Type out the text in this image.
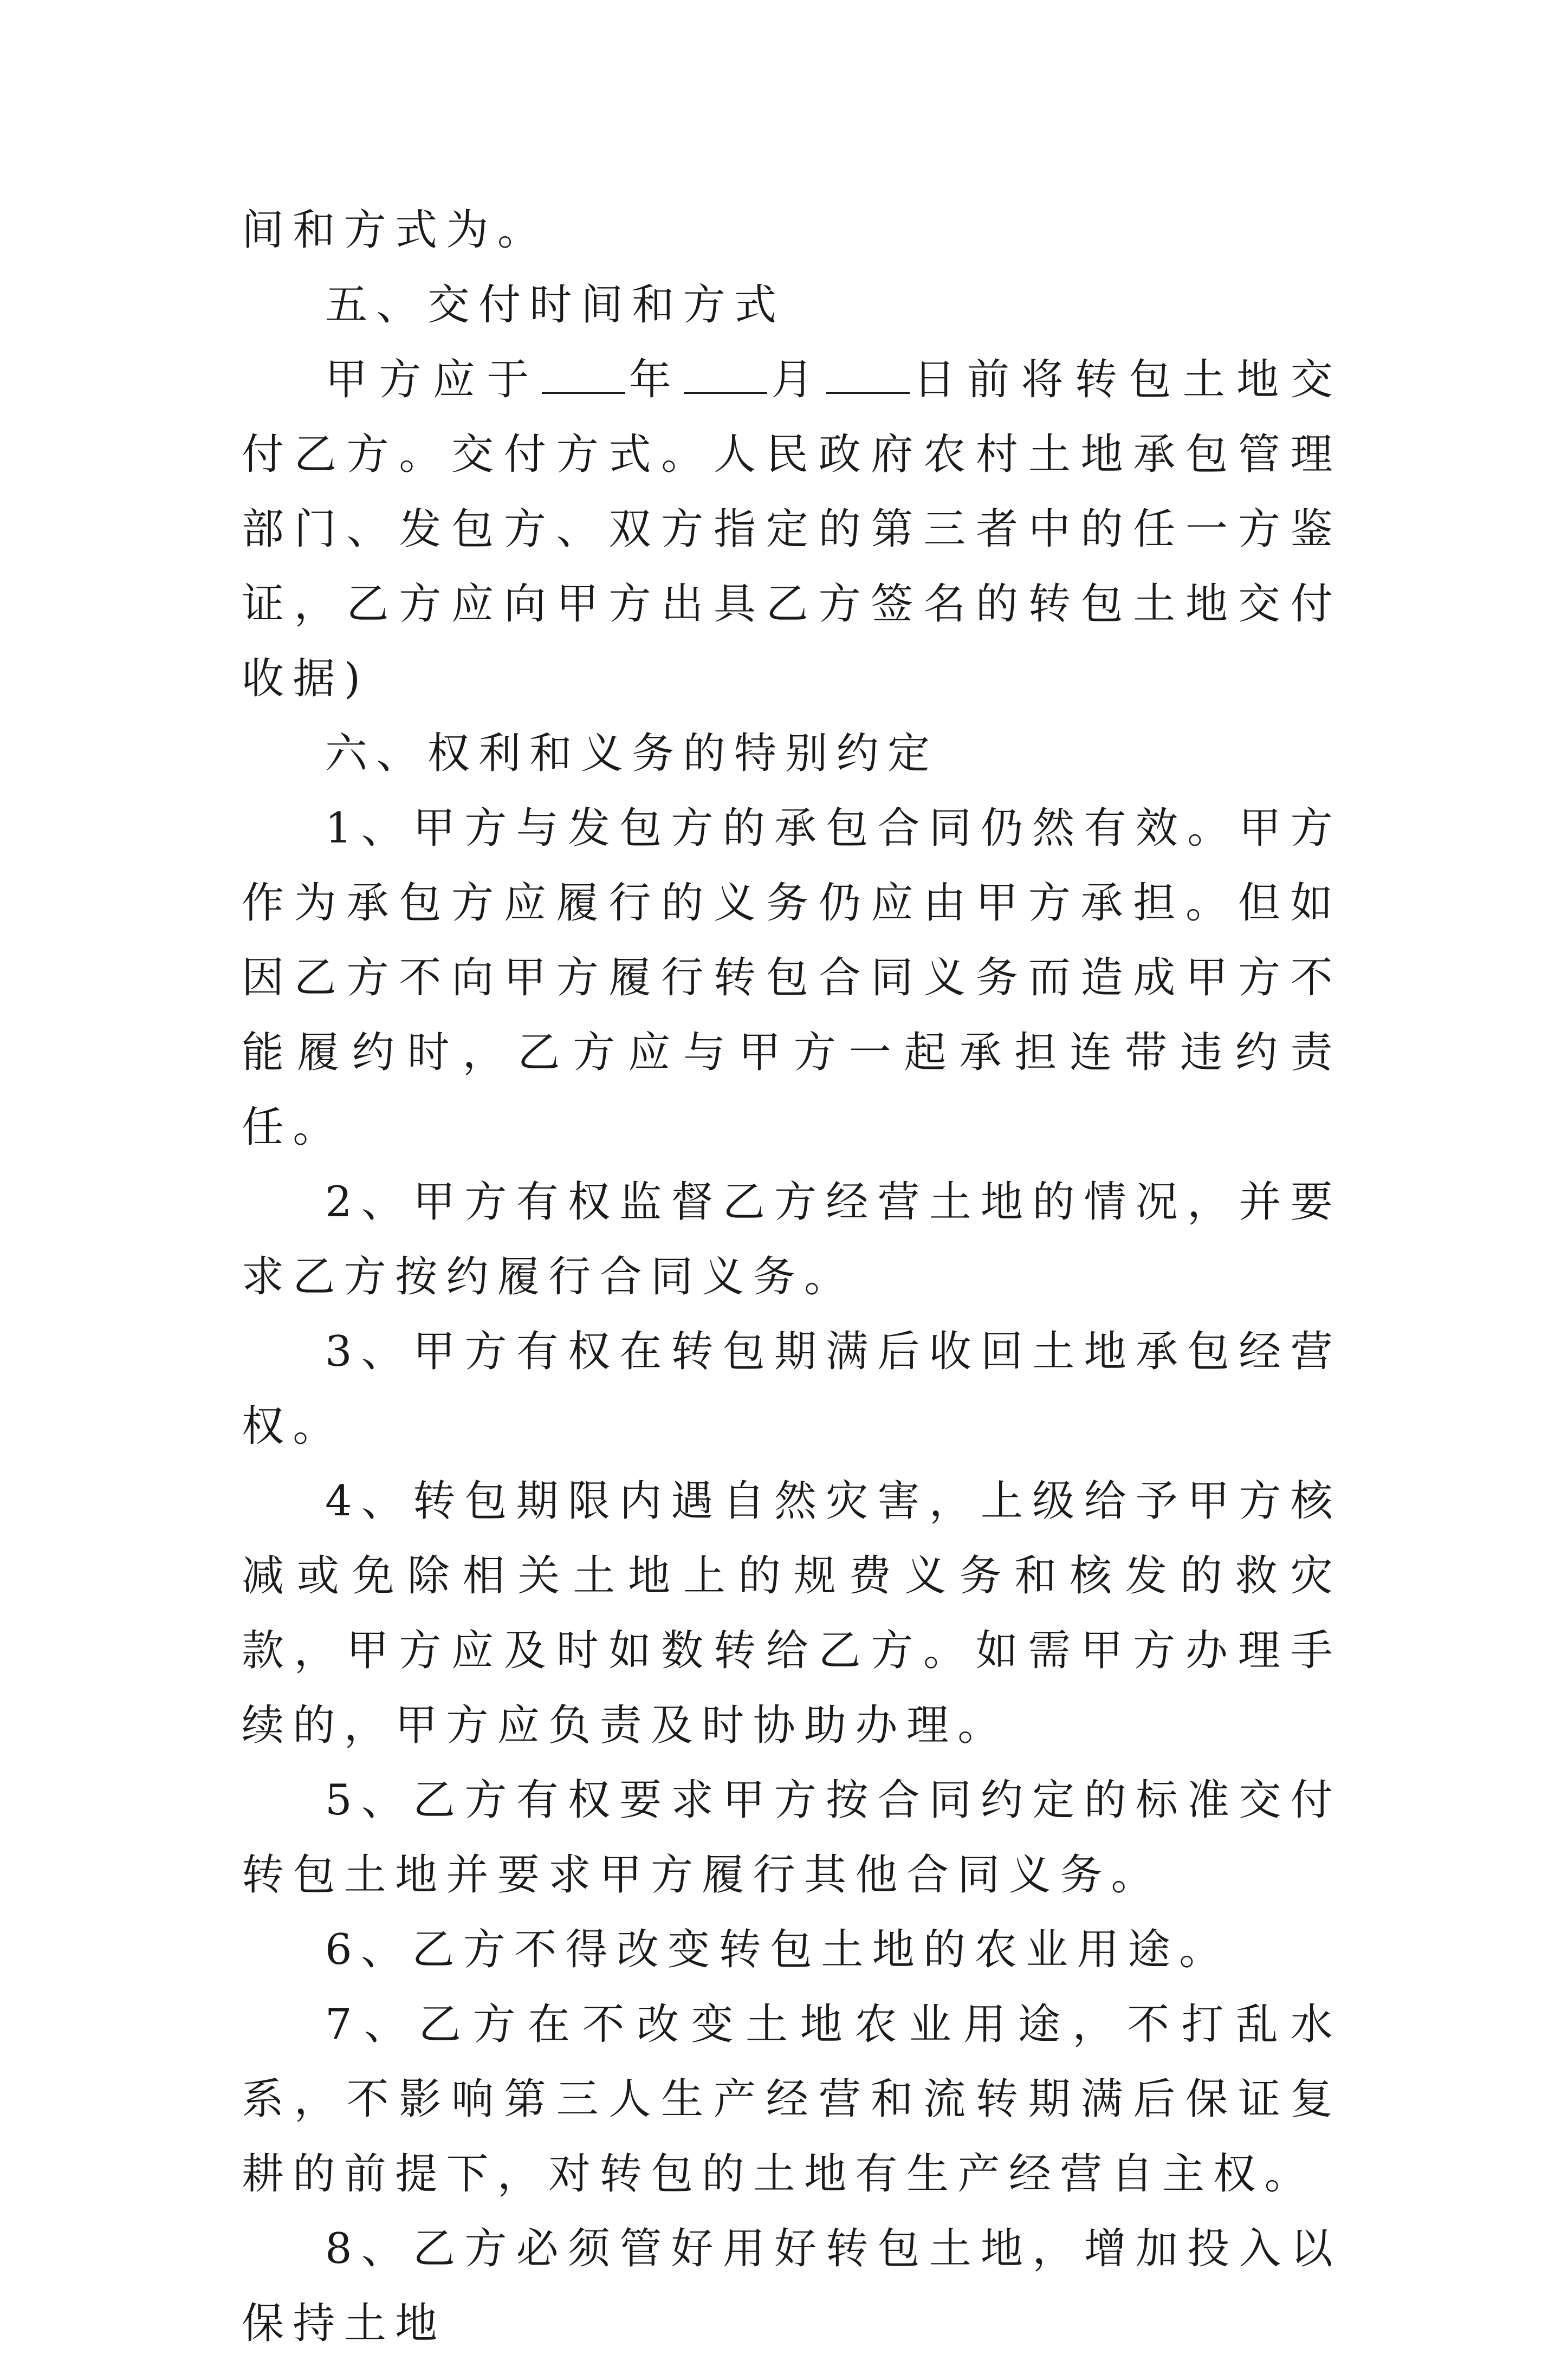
间和方式为。

五、交付时间和方式

甲方应于 年 月 日前将转包土地交付乙方。交付方式。人民政府农村土地承包管理部门、发包方、双方指定的第三者中的任一方鉴证，乙方应向甲方出具乙方签名的转包土地交付收据)

六、权利和义务的特别约定

1、甲方与发包方的承包合同仍然有效。甲方作为承包方应履行的义务仍应由甲方承担。但如因乙方不向甲方履行转包合同义务而造成甲方不能履约时，乙方应与甲方一起承担连带违约责任。

2、甲方有权监督乙方经营土地的情况，并要求乙方按约履行合同义务。

3、甲方有权在转包期满后收回土地承包经营权。

4、转包期限内遇自然灾害，上级给予甲方核减或免除相关土地上的规费义务和核发的救灾款，甲方应及时如数转给乙方。如需甲方办理手续的，甲方应负责及时协助办理。

5、乙方有权要求甲方按合同约定的标准交付转包土地并要求甲方履行其他合同义务。

6、乙方不得改变转包土地的农业用途。

7、乙方在不改变土地农业用途，不打乱水系，不影响第三人生产经营和流转期满后保证复耕的前提下，对转包的土地有生产经营自主权。

8、乙方必须管好用好转包土地，增加投入以保持土地
